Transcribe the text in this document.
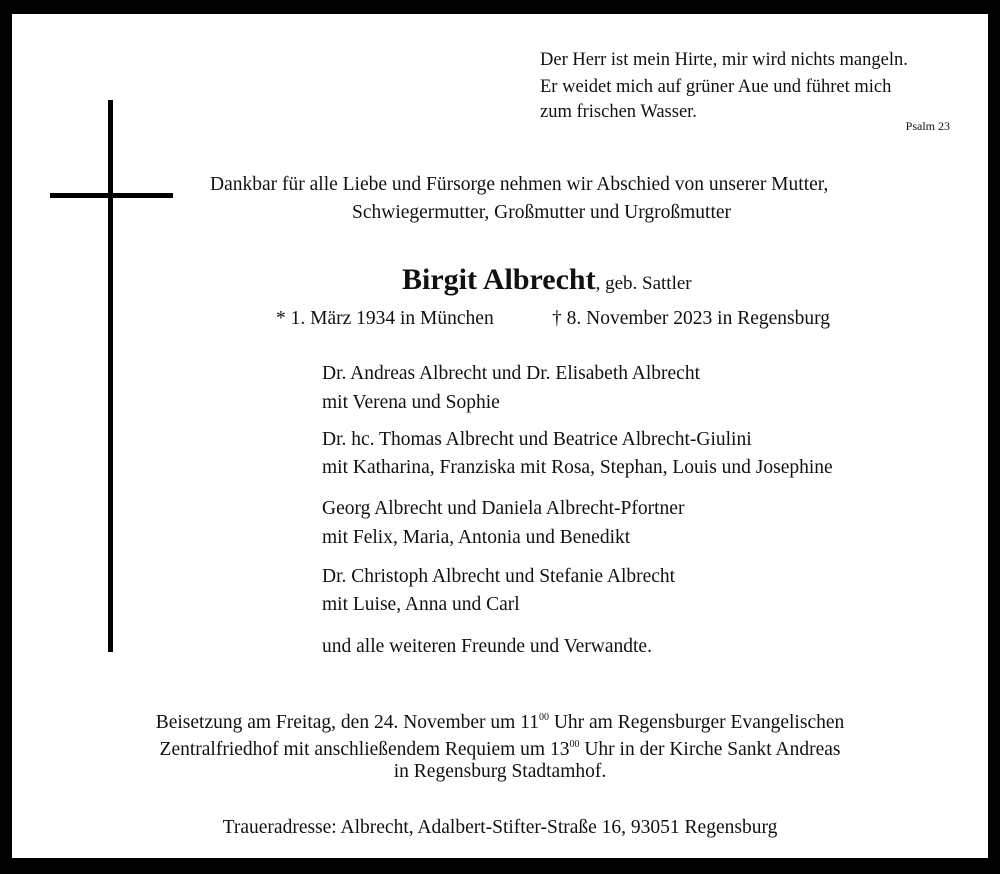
Der Herr ist mein Hirte, mir wird nichts mangeln.
Er weidet mich auf grüner Aue und führet mich
zum frischen Wasser.
Psalm 23
Dankbar für alle Liebe und Fürsorge nehmen wir Abschied von unserer Mutter,
Schwiegermutter, Großmutter und Urgroßmutter
Birgit Albrecht, geb. Sattler
* 1. März 1934 in München	† 8. November 2023 in Regensburg
Dr. Andreas Albrecht und Dr. Elisabeth Albrecht
mit Verena und Sophie
Dr. hc. Thomas Albrecht und Beatrice Albrecht-Giulini
mit Katharina, Franziska mit Rosa, Stephan, Louis und Josephine
Georg Albrecht und Daniela Albrecht-Pfortner
mit Felix, Maria, Antonia und Benedikt
Dr. Christoph Albrecht und Stefanie Albrecht
mit Luise, Anna und Carl
und alle weiteren Freunde und Verwandte.
Beisetzung am Freitag, den 24. November um $11^{00}$ Uhr am Regensburger Evangelischen
Zentralfriedhof mit anschließendem Requiem um $13^{00}$ Uhr in der Kirche Sankt Andreas
in Regensburg Stadtamhof.
Traueradresse: Albrecht, Adalbert-Stifter-Straße 16, 93051 Regensburg
